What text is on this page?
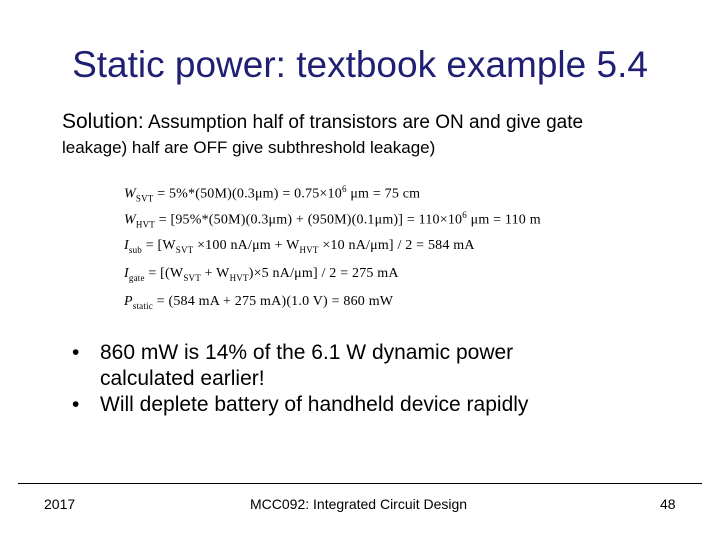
Static power: textbook example 5.4
Solution: Assumption half of transistors are ON and give gate
leakage) half are OFF give subthreshold leakage)
$W_{SVT} = 5\%*(50M)(0.3\mu m) = 0.75\times 10^6$ μm = 75 cm
$W_{HVT} = [95\%*(50M)(0.3\mu m) + (950M)(0.1\mu m)] = 110\times 10^6$ μm = 110 m
$I_{sub} = [W_{SVT} \times 100$ $nA/\mu m + W_{HVT} \times 10$ nA/μm] / 2 = 584 mA
$I_{gate} = [(W_{SVT} + W_{HVT})\times 5$ nA/μm] / 2 = 275 mA
$P_{static} = (584$ mA + 275 mA)(1.0 V) = 860 mW
• 860 mW is 14% of the 6.1 W dynamic power calculated earlier!
• Will deplete battery of handheld device rapidly
2017	MCC092: Integrated Circuit Design	48
